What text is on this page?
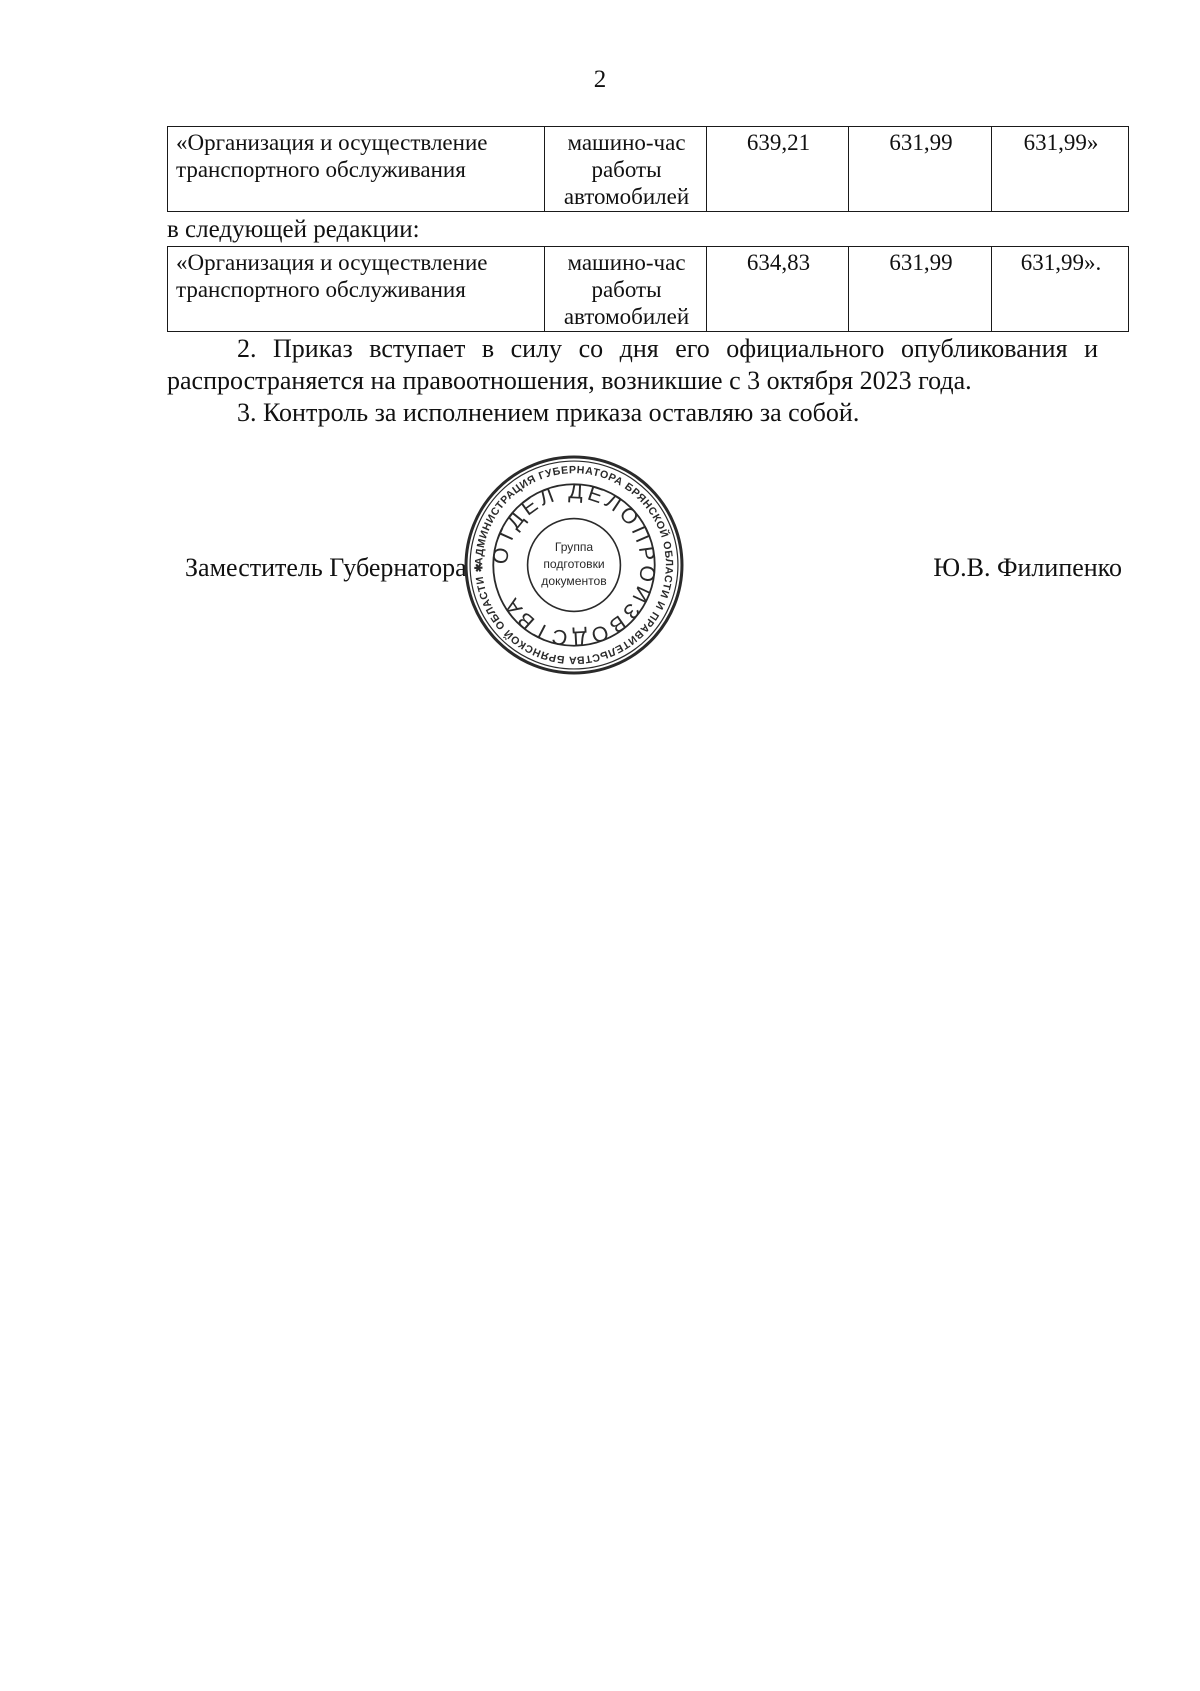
2
«Организация и осуществление транспортного обслуживания	машино-час работы автомобилей	639,21	631,99	631,99»
в следующей редакции:
«Организация и осуществление транспортного обслуживания	машино-час работы автомобилей	634,83	631,99	631,99».
2. Приказ вступает в силу со дня его официального опубликования и распространяется на правоотношения, возникшие с 3 октября 2023 года.
3. Контроль за исполнением приказа оставляю за собой.
Заместитель Губернатора	Ю.В. Филипенко
АДМИНИСТРАЦИЯ ГУБЕРНАТОРА БРЯНСКОЙ ОБЛАСТИ И ПРАВИТЕЛЬСТВА БРЯНСКОЙ ОБЛАСТИ ✱
ОТДЕЛ ДЕЛОПРОИЗВОДСТВА
Группа
подготовки
документов
